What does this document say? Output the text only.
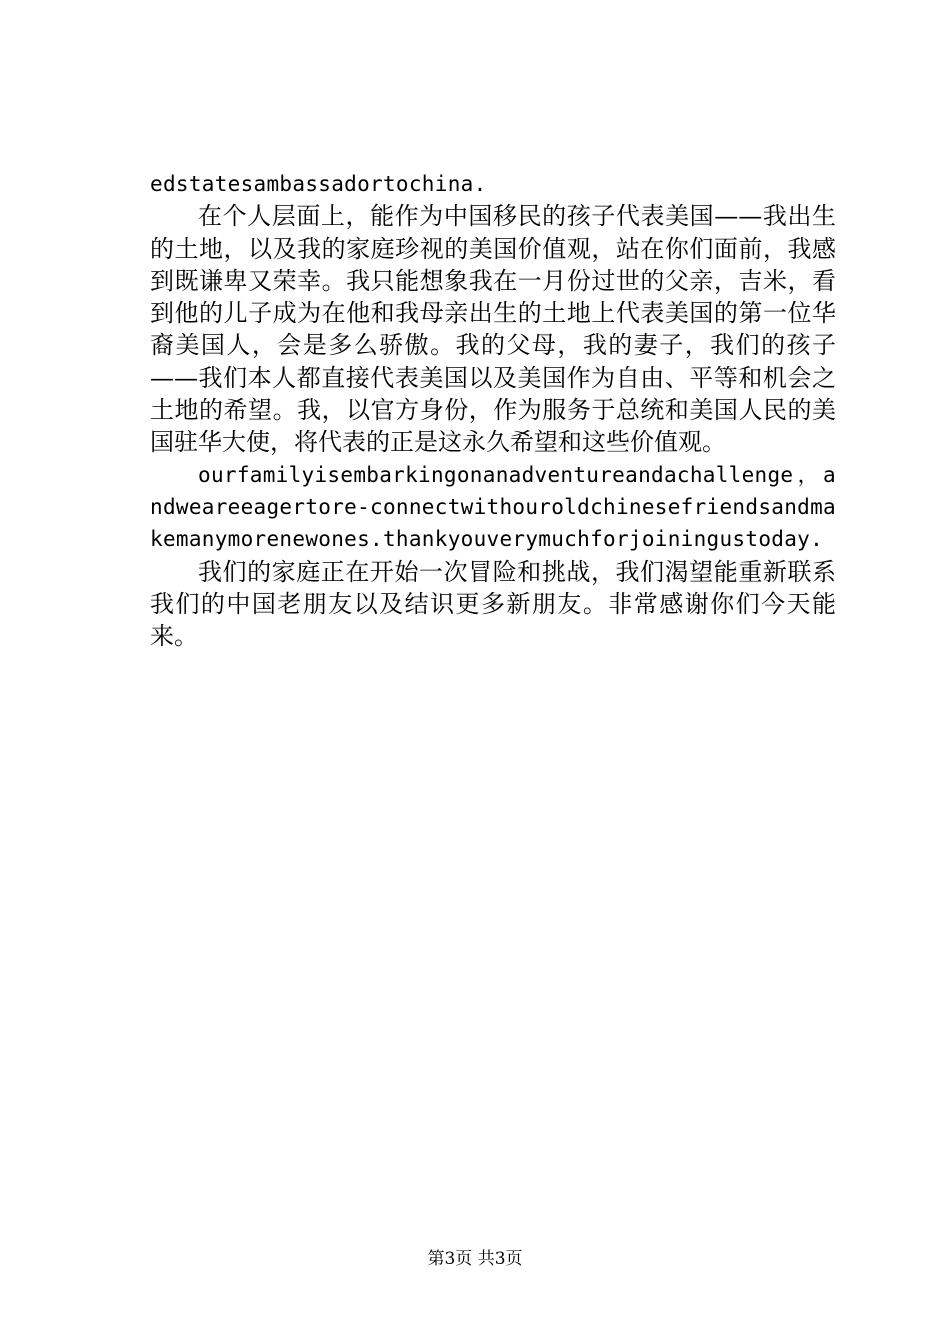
edstatesambassadortochina.

在个人层面上，能作为中国移民的孩子代表美国——我出生的土地，以及我的家庭珍视的美国价值观，站在你们面前，我感到既谦卑又荣幸。我只能想象我在一月份过世的父亲，吉米，看到他的儿子成为在他和我母亲出生的土地上代表美国的第一位华裔美国人，会是多么骄傲。我的父母，我的妻子，我们的孩子——我们本人都直接代表美国以及美国作为自由、平等和机会之土地的希望。我，以官方身份，作为服务于总统和美国人民的美国驻华大使，将代表的正是这永久希望和这些价值观。

ourfamilyisembarkingonanadventureandachallenge，andweareeagertore-connectwithouroldchinesefriendsandmakemanymorenewones.thankyouverymuchforjoiningustoday.

我们的家庭正在开始一次冒险和挑战，我们渴望能重新联系我们的中国老朋友以及结识更多新朋友。非常感谢你们今天能来。

第3页 共3页
